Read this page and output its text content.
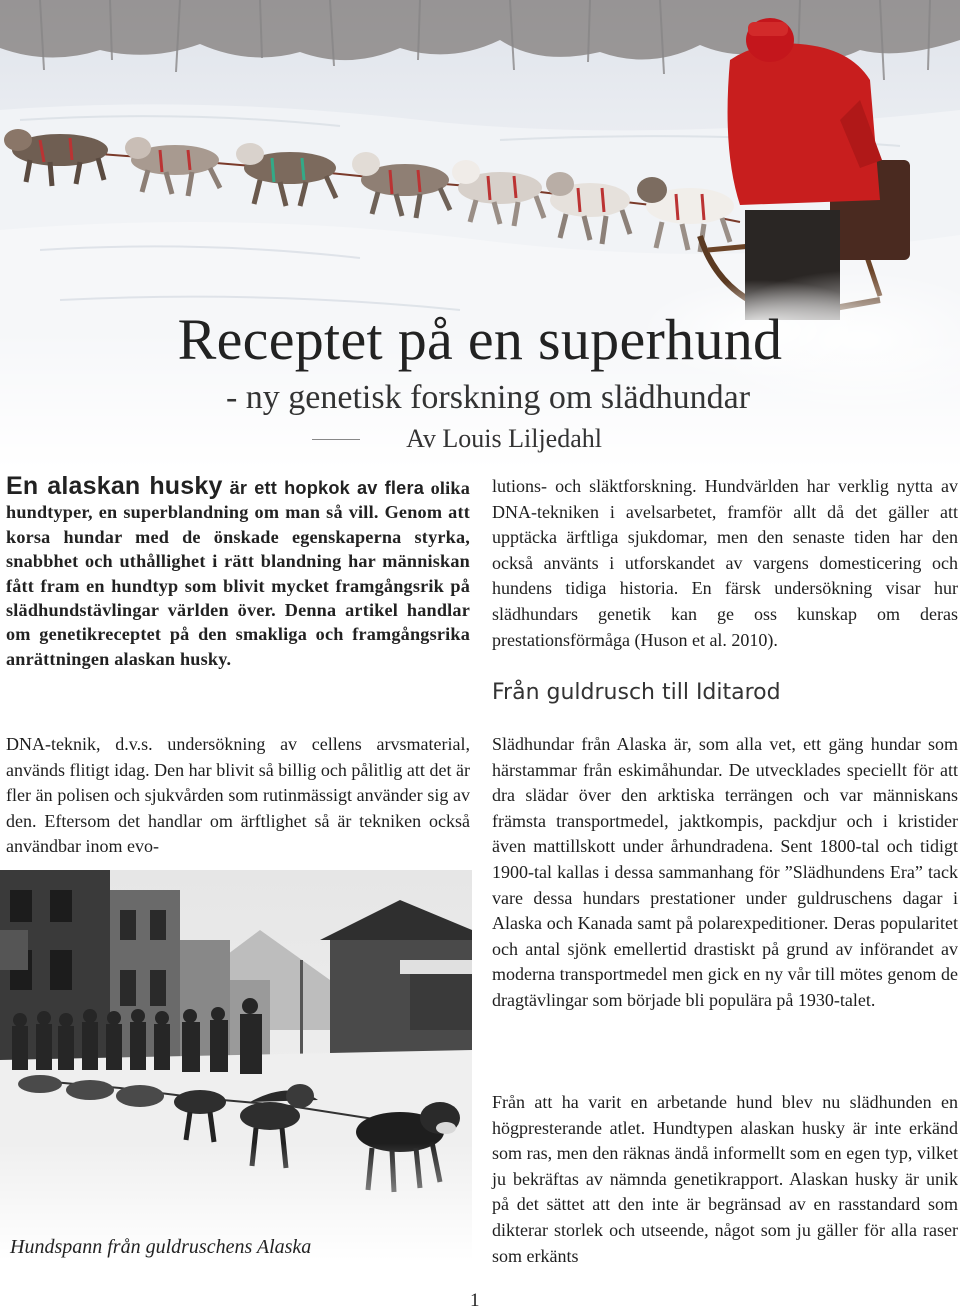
Receptet på en superhund
- ny genetisk forskning om slädhundar
Av Louis Liljedahl
En alaskan husky är ett hopkok av flera olika hundtyper, en superblandning om man så vill. Genom att korsa hundar med de önskade egenskaperna styrka, snabbhet och uthållighet i rätt blandning har människan fått fram en hundtyp som blivit mycket framgångsrik på slädhundstävlingar världen över. Denna artikel handlar om genetikreceptet på den smakliga och framgångsrika anrättningen alaskan husky.
DNA-teknik, d.v.s. undersökning av cellens arvsmaterial, används flitigt idag. Den har blivit så billig och pålitlig att det är fler än polisen och sjukvården som rutinmässigt använder sig av den. Eftersom det handlar om ärftlighet så är tekniken också användbar inom evo-
Hundspann från guldruschens Alaska
lutions- och släktforskning. Hundvärlden har verklig nytta av DNA-tekniken i avelsarbetet, framför allt då det gäller att upptäcka ärftliga sjukdomar, men den senaste tiden har den också använts i utforskandet av vargens domesticering och hundens tidiga historia. En färsk undersökning visar hur slädhundars genetik kan ge oss kunskap om deras prestationsförmåga (Huson et al. 2010).
Från guldrusch till Iditarod
Slädhundar från Alaska är, som alla vet, ett gäng hundar som härstammar från eskimåhundar. De utvecklades speciellt för att dra slädar över den arktiska terrängen och var människans främsta transportmedel, jaktkompis, packdjur och i kristider även mattillskott under århundradena. Sent 1800-tal och tidigt 1900-tal kallas i dessa sammanhang för ”Slädhundens Era” tack vare dessa hundars prestationer under guldruschens dagar i Alaska och Kanada samt på polarexpeditioner. Deras popularitet och antal sjönk emellertid drastiskt på grund av införandet av moderna transportmedel men gick en ny vår till mötes genom de dragtävlingar som började bli populära på 1930-talet.
Från att ha varit en arbetande hund blev nu slädhunden en högpresterande atlet. Hundtypen alaskan husky är inte erkänd som ras, men den räknas ändå informellt som en egen typ, vilket ju bekräftas av nämnda genetikrapport. Alaskan husky är unik på det sättet att den inte är begränsad av en rasstandard som dikterar storlek och utseende, något som ju gäller för alla raser som erkänts
1
